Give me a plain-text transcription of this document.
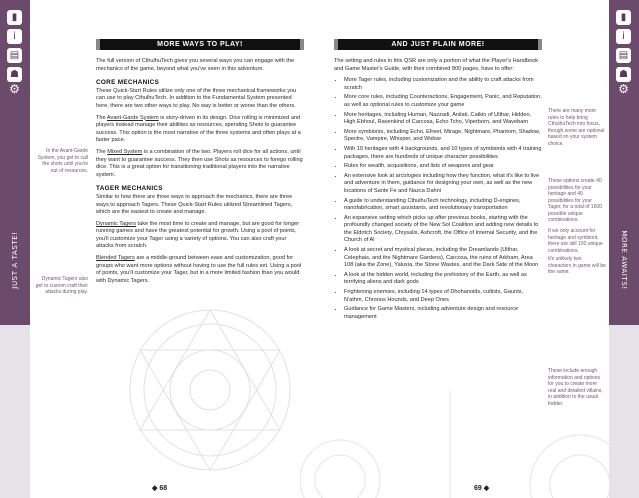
▮
i
▤
☗
⚙
JUST A TASTE!
▮
i
▤
☗
⚙
MORE AWAITS!
In the Avant-Garde System, you get to call the shots until you're out of resources.
Dynamic Tagers also get to custom craft their attacks during play.
There are many more rules to help bring CthulhuTech into focus, though some are optional based on your system choice.
These options create 40 possibilities for your heritage and 40 possibilities for your Tager, for a total of 1600 possible unique combinations.
If we only account for heritage and symbiont, there are still 100 unique combinations.
It's unlikely two characters in game will be the same.
These include enough information and options for you to create more real and detailed villains, in addition to the usual fodder.
MORE WAYS TO PLAY!

The full version of CthulhuTech gives you several ways you can engage with the mechanics of the game, beyond what you've seen in this adventure.

CORE MECHANICS

These Quick-Start Rules utilize only one of the three mechanical frameworks you can use to play CthulhuTech. In addition to the Fundamental System presented here, there are two other ways to play. No way is better or worse than the others.

The Avant-Garde System is story-driven in its design. Dice rolling is minimized and players instead manage their abilities as resources, spending Shots to guarantee success. This option is the most narrative of the three systems and often plays at a faster pace.

The Mixed System is a combination of the two. Players roll dice for all actions, until they want to guarantee success. They then use Shots as resources to forego rolling dice. This is a great option for transitioning traditional players into the narrative system.

TAGER MECHANICS

Similar to how there are three ways to approach the mechanics, there are three ways to approach Tagers. These Quick-Start Rules utilized Streamlined Tagers, which are the easiest to create and manage.

Dynamic Tagers take the most time to create and manage, but are good for longer running games and have the greatest potential for growth. Using a pool of points, you'll customize your Tager using a variety of options. You can also craft your attacks from scratch.

Blended Tagers are a middle-ground between ease and customization, good for groups who want more options without having to use the full rules set. Using a pool of points, you'll customize your Tager, but in a more limited fashion than you would with Dynamic Tagers.

AND JUST PLAIN MORE!

The setting and rules in this QSR are only a portion of what the Player's Handbook and Game Master's Guide, with their combined 800 pages, have to offer:

• More Tager rules, including customization and the ability to craft attacks from scratch
• More core rules, including Counteractions, Engagement, Panic, and Reputation, as well as optional rules to customize your game
• More heritages, including Human, Nazzadi, Anilati, Catkin of Ulthar, Hidden, High Ebhoul, Ravenkind of Carcosa, Echo Tcho, Viperborn, and Wavebarn
• More symbionts, including Echo, Efreet, Mirage, Nightmare, Phantom, Shadow, Spectre, Vampire, Whisper, and Widow
• With 10 heritages with 4 backgrounds, and 10 types of symbionts with 4 training packages, there are hundreds of unique character possibilities
• Rules for wealth, acquisitions, and lists of weapons and gear
• An extensive look at arcologies including how they function, what it's like to live and adventure in them, guidance for designing your own, as well as the new locations of Sante Fe and Nazca Dahni
• A guide to understanding CthulhuTech technology, including D-engines, nanofabrication, smart assistants, and revolutionary transportation
• An expansive setting which picks up after previous books, starting with the profoundly changed society of the New Sol Coalition and adding new details to the Eldritch Society, Chrysalis, Ashcroft, the Office of Internal Security, and the Church of Al
• A look at secret and mystical places, including the Dreamlands (Ulthar, Celephais, and the Nightmare Gardens), Carcosa, the ruins of Arkham, Area 108 (aka the Zone), Yaluxia, the Stone Wastes, and the Dark Side of the Moon
• A look at the hidden world, including the prehistory of the Earth, as well as terrifying aliens and dark gods
• Frightening enemies, including 14 types of Dhohanoids, cultists, Gaunts, N'athm, Chronos Hounds, and Deep Ones
• Guidance for Game Masters, including adventure design and resource management
◆ 68	69 ◆
